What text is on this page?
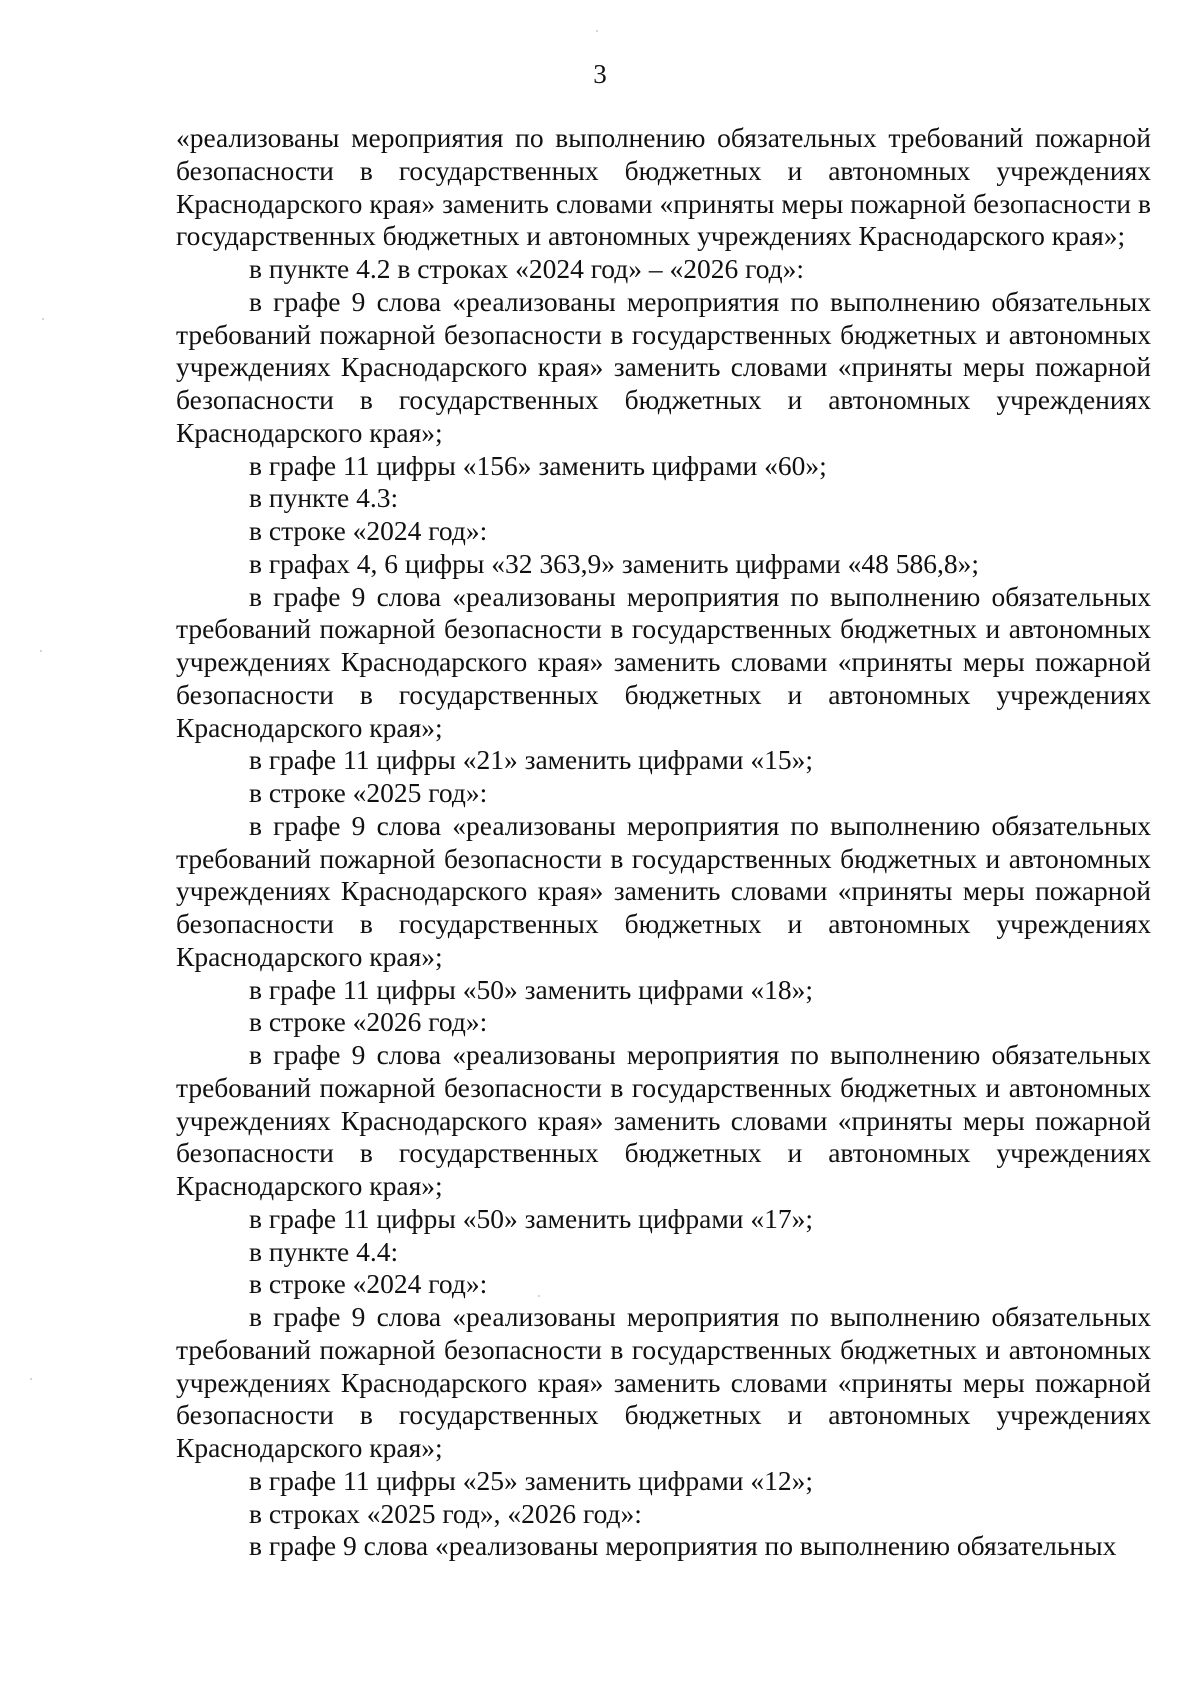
3

«реализованы мероприятия по выполнению обязательных требований пожарной безопасности в государственных бюджетных и автономных учреждениях Краснодарского края» заменить словами «приняты меры пожарной безопасности в государственных бюджетных и автономных учреждениях Краснодарского края»;

в пункте 4.2 в строках «2024 год» – «2026 год»:

в графе 9 слова «реализованы мероприятия по выполнению обязательных требований пожарной безопасности в государственных бюджетных и автономных учреждениях Краснодарского края» заменить словами «приняты меры пожарной безопасности в государственных бюджетных и автономных учреждениях Краснодарского края»;

в графе 11 цифры «156» заменить цифрами «60»;

в пункте 4.3:

в строке «2024 год»:

в графах 4, 6 цифры «32 363,9» заменить цифрами «48 586,8»;

в графе 9 слова «реализованы мероприятия по выполнению обязательных требований пожарной безопасности в государственных бюджетных и автономных учреждениях Краснодарского края» заменить словами «приняты меры пожарной безопасности в государственных бюджетных и автономных учреждениях Краснодарского края»;

в графе 11 цифры «21» заменить цифрами «15»;

в строке «2025 год»:

в графе 9 слова «реализованы мероприятия по выполнению обязательных требований пожарной безопасности в государственных бюджетных и автономных учреждениях Краснодарского края» заменить словами «приняты меры пожарной безопасности в государственных бюджетных и автономных учреждениях Краснодарского края»;

в графе 11 цифры «50» заменить цифрами «18»;

в строке «2026 год»:

в графе 9 слова «реализованы мероприятия по выполнению обязательных требований пожарной безопасности в государственных бюджетных и автономных учреждениях Краснодарского края» заменить словами «приняты меры пожарной безопасности в государственных бюджетных и автономных учреждениях Краснодарского края»;

в графе 11 цифры «50» заменить цифрами «17»;

в пункте 4.4:

в строке «2024 год»:

в графе 9 слова «реализованы мероприятия по выполнению обязательных требований пожарной безопасности в государственных бюджетных и автономных учреждениях Краснодарского края» заменить словами «приняты меры пожарной безопасности в государственных бюджетных и автономных учреждениях Краснодарского края»;

в графе 11 цифры «25» заменить цифрами «12»;

в строках «2025 год», «2026 год»:

в графе 9 слова «реализованы мероприятия по выполнению обязательных
